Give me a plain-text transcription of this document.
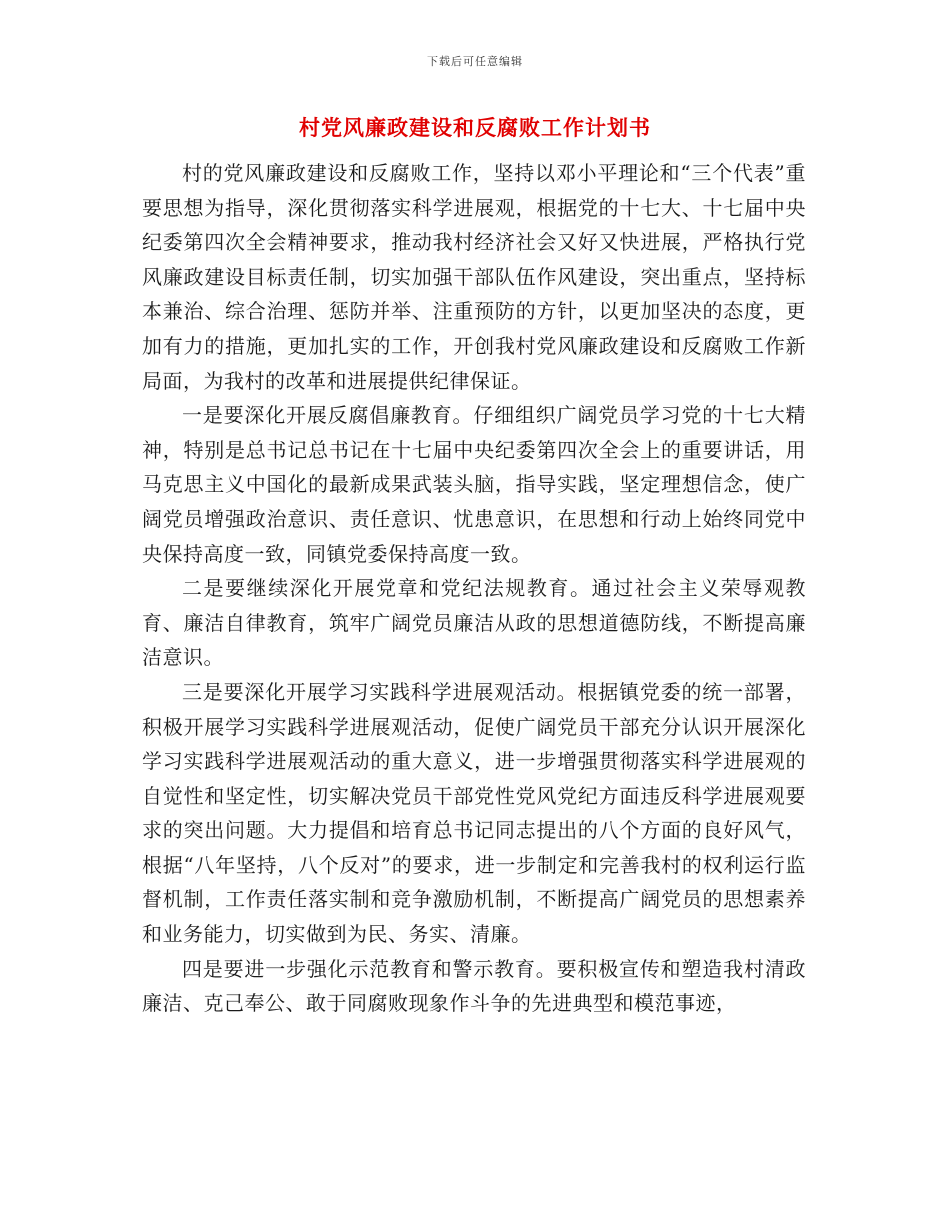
下载后可任意编辑
村党风廉政建设和反腐败工作计划书

村的党风廉政建设和反腐败工作，坚持以邓小平理论和“三个代表”重要思想为指导，深化贯彻落实科学进展观，根据党的十七大、十七届中央纪委第四次全会精神要求，推动我村经济社会又好又快进展，严格执行党风廉政建设目标责任制，切实加强干部队伍作风建设，突出重点，坚持标本兼治、综合治理、惩防并举、注重预防的方针，以更加坚决的态度，更加有力的措施，更加扎实的工作，开创我村党风廉政建设和反腐败工作新局面，为我村的改革和进展提供纪律保证。

一是要深化开展反腐倡廉教育。仔细组织广阔党员学习党的十七大精神，特别是总书记总书记在十七届中央纪委第四次全会上的重要讲话，用马克思主义中国化的最新成果武装头脑，指导实践，坚定理想信念，使广阔党员增强政治意识、责任意识、忧患意识，在思想和行动上始终同党中央保持高度一致，同镇党委保持高度一致。

二是要继续深化开展党章和党纪法规教育。通过社会主义荣辱观教育、廉洁自律教育，筑牢广阔党员廉洁从政的思想道德防线，不断提高廉洁意识。

三是要深化开展学习实践科学进展观活动。根据镇党委的统一部署，积极开展学习实践科学进展观活动，促使广阔党员干部充分认识开展深化学习实践科学进展观活动的重大意义，进一步增强贯彻落实科学进展观的自觉性和坚定性，切实解决党员干部党性党风党纪方面违反科学进展观要求的突出问题。大力提倡和培育总书记同志提出的八个方面的良好风气，根据“八年坚持，八个反对”的要求，进一步制定和完善我村的权利运行监督机制，工作责任落实制和竞争激励机制，不断提高广阔党员的思想素养和业务能力，切实做到为民、务实、清廉。

四是要进一步强化示范教育和警示教育。要积极宣传和塑造我村清政廉洁、克己奉公、敢于同腐败现象作斗争的先进典型和模范事迹，
